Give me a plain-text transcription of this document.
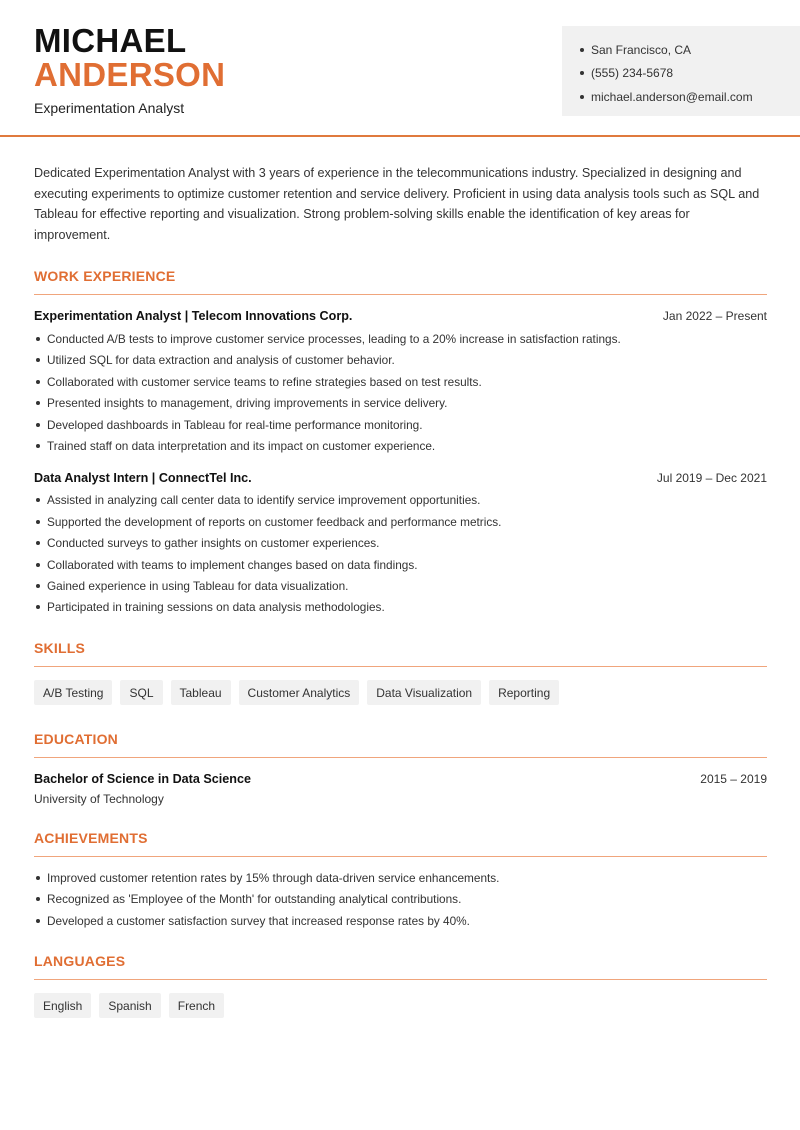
MICHAEL
ANDERSON
Experimentation Analyst
San Francisco, CA
(555) 234-5678
michael.anderson@email.com

Dedicated Experimentation Analyst with 3 years of experience in the telecommunications industry. Specialized in designing and executing experiments to optimize customer retention and service delivery. Proficient in using data analysis tools such as SQL and Tableau for effective reporting and visualization. Strong problem-solving skills enable the identification of key areas for improvement.

WORK EXPERIENCE
Experimentation Analyst | Telecom Innovations Corp.	Jan 2022 – Present
Conducted A/B tests to improve customer service processes, leading to a 20% increase in satisfaction ratings.
Utilized SQL for data extraction and analysis of customer behavior.
Collaborated with customer service teams to refine strategies based on test results.
Presented insights to management, driving improvements in service delivery.
Developed dashboards in Tableau for real-time performance monitoring.
Trained staff on data interpretation and its impact on customer experience.
Data Analyst Intern | ConnectTel Inc.	Jul 2019 – Dec 2021
Assisted in analyzing call center data to identify service improvement opportunities.
Supported the development of reports on customer feedback and performance metrics.
Conducted surveys to gather insights on customer experiences.
Collaborated with teams to implement changes based on data findings.
Gained experience in using Tableau for data visualization.
Participated in training sessions on data analysis methodologies.
SKILLS
A/B Testing	SQL	Tableau	Customer Analytics	Data Visualization	Reporting
EDUCATION
Bachelor of Science in Data Science	2015 – 2019
University of Technology
ACHIEVEMENTS
Improved customer retention rates by 15% through data-driven service enhancements.
Recognized as 'Employee of the Month' for outstanding analytical contributions.
Developed a customer satisfaction survey that increased response rates by 40%.
LANGUAGES
English	Spanish	French
